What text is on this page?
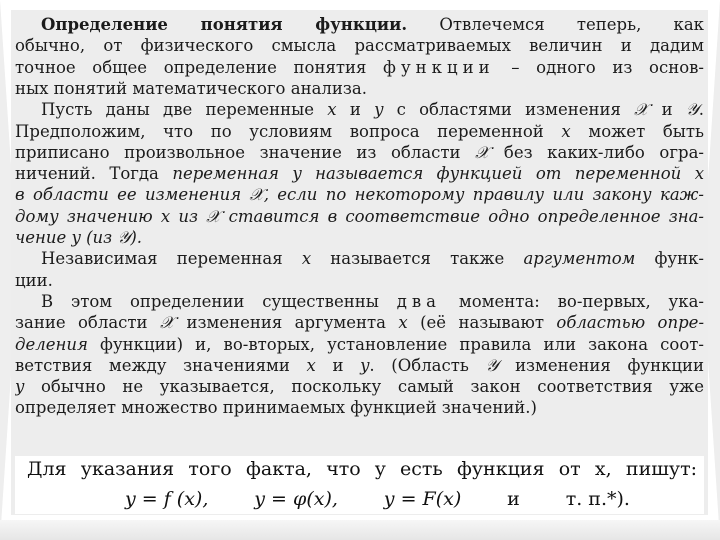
Определение понятия функции. Отвлечемся теперь, как
обычно, от физического смысла рассматриваемых величин и дадим
точное общее определение понятия функции – одного из основ-
ных понятий математического анализа.
Пусть даны две переменные x и y с областями изменения 𝒳 и 𝒴.
Предположим, что по условиям вопроса переменной x может быть
приписано произвольное значение из области 𝒳 без каких-либо огра-
ничений. Тогда переменная y называется функцией от переменной x
в области ее изменения 𝒳, если по некоторому правилу или закону каж-
дому значению x из 𝒳 ставится в соответствие одно определенное зна-
чение y (из 𝒴).
Независимая переменная x называется также аргументом функ-
ции.
В этом определении существенны два момента: во-первых, ука-
зание области 𝒳 изменения аргумента x (её называют областью опре-
деления функции) и, во-вторых, установление правила или закона соот-
ветствия между значениями x и y. (Область 𝒴 изменения функции
y обычно не указывается, поскольку самый закон соответствия уже
определяет множество принимаемых функцией значений.)
Для указания того факта, что y есть функция от x, пишут:
y = f (x), y = φ(x), y = F(x) и т. п.*).
